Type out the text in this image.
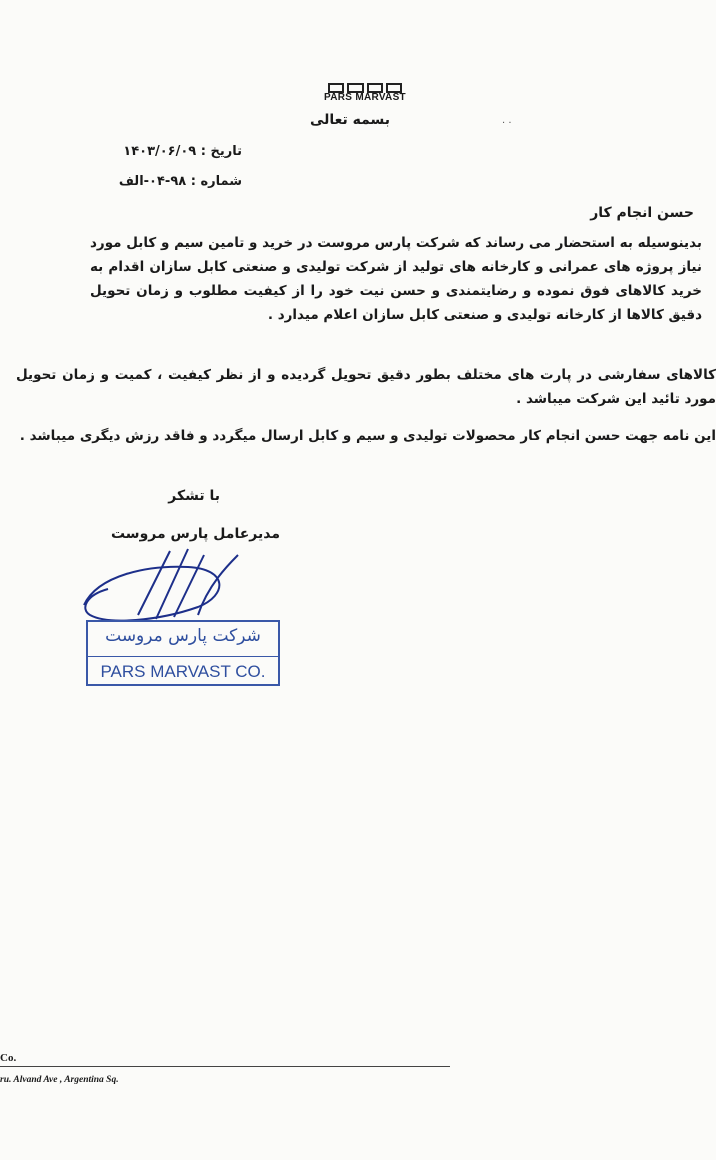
PARS MARVAST
بسمه تعالی	· ·
تاریخ : ۱۴۰۳/۰۶/۰۹
شماره : ۹۸-۰۴-الف
حسن انجام کار
بدینوسیله به استحضار می رساند که شرکت پارس مروست در خرید و تامین سیم و کابل مورد نیاز پروژه های عمرانی و کارخانه های تولید از شرکت تولیدی و صنعتی کابل سازان اقدام به خرید کالاهای فوق نموده و رضایتمندی و حسن نیت خود را از کیفیت مطلوب و زمان تحویل دقیق کالاها از کارخانه تولیدی و صنعتی کابل سازان اعلام میدارد .
کالاهای سفارشی در پارت های مختلف بطور دقیق تحویل گردیده و از نظر کیفیت ، کمیت و زمان تحویل مورد تائید این شرکت میباشد .
این نامه جهت حسن انجام کار محصولات تولیدی و سیم و کابل ارسال میگردد و فاقد رزش دیگری میباشد .
با تشکر
مدیرعامل پارس مروست
شرکت پارس مروست
PARS MARVAST CO.
Co.
ru. Alvand Ave , Argentina Sq.
